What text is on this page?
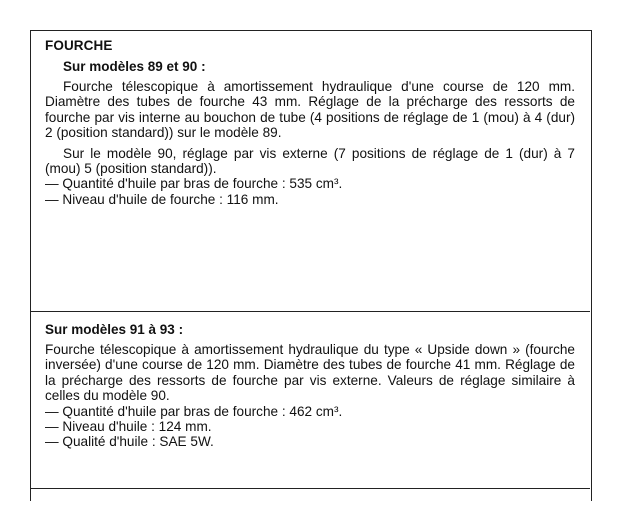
FOURCHE
Sur modèles 89 et 90 :

Fourche télescopique à amortissement hydraulique d'une course de 120 mm. Diamètre des tubes de fourche 43 mm. Réglage de la précharge des ressorts de fourche par vis interne au bouchon de tube (4 positions de réglage de 1 (mou) à 4 (dur) 2 (position standard)) sur le modèle 89.

Sur le modèle 90, réglage par vis externe (7 positions de réglage de 1 (dur) à 7 (mou) 5 (position standard)).

— Quantité d'huile par bras de fourche : 535 cm³.
— Niveau d'huile de fourche : 116 mm.
Sur modèles 91 à 93 :

Fourche télescopique à amortissement hydraulique du type « Upside down » (fourche inversée) d'une course de 120 mm. Diamètre des tubes de fourche 41 mm. Réglage de la précharge des ressorts de fourche par vis externe. Valeurs de réglage similaire à celles du modèle 90.

— Quantité d'huile par bras de fourche : 462 cm³.
— Niveau d'huile : 124 mm.
— Qualité d'huile : SAE 5W.
